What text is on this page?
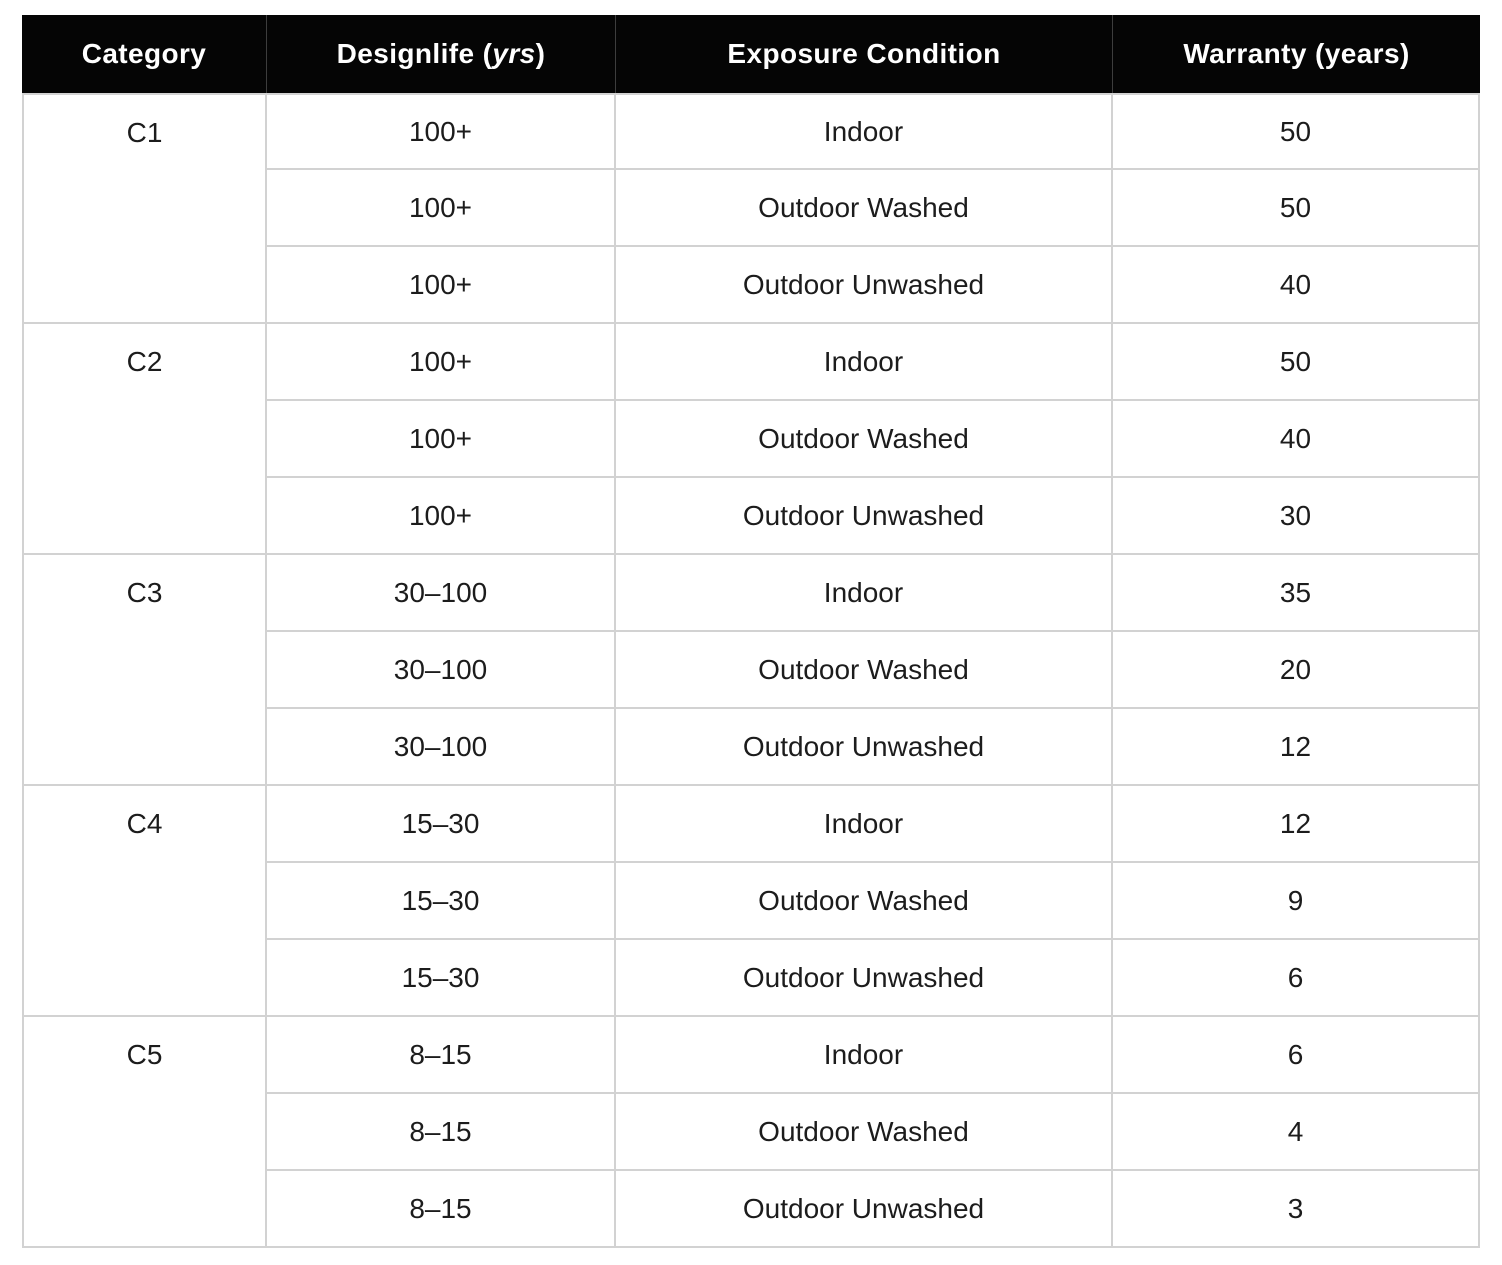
Category	Designlife (yrs)	Exposure Condition	Warranty (years)

C1	100+	Indoor	50
	100+	Outdoor Washed	50
	100+	Outdoor Unwashed	40

C2	100+	Indoor	50
	100+	Outdoor Washed	40
	100+	Outdoor Unwashed	30

C3	30–100	Indoor	35
	30–100	Outdoor Washed	20
	30–100	Outdoor Unwashed	12

C4	15–30	Indoor	12
	15–30	Outdoor Washed	9
	15–30	Outdoor Unwashed	6

C5	8–15	Indoor	6
	8–15	Outdoor Washed	4
	8–15	Outdoor Unwashed	3
